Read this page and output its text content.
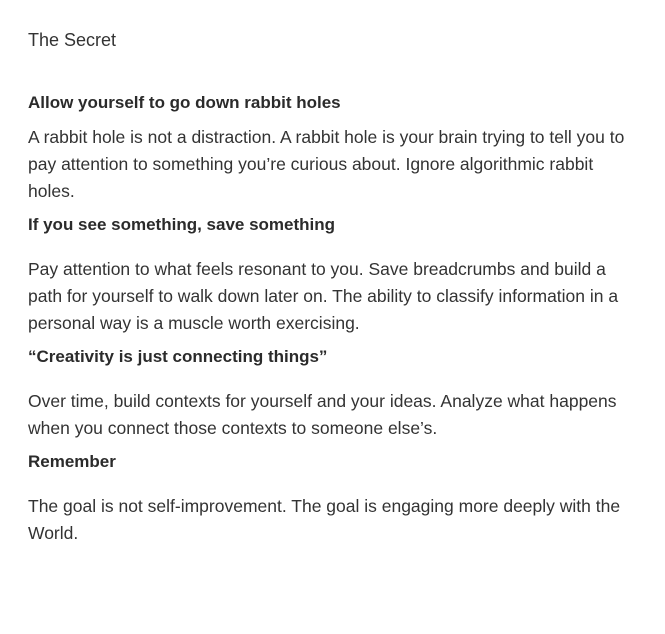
The Secret
Allow yourself to go down rabbit holes

A rabbit hole is not a distraction. A rabbit hole is your brain trying to tell you to pay attention to something you’re curious about. Ignore algorithmic rabbit holes.

If you see something, save something

Pay attention to what feels resonant to you. Save breadcrumbs and build a path for yourself to walk down later on. The ability to classify information in a personal way is a muscle worth exercising.

“Creativity is just connecting things”

Over time, build contexts for yourself and your ideas. Analyze what happens when you connect those contexts to someone else’s.

Remember

The goal is not self-improvement. The goal is engaging more deeply with the World.
